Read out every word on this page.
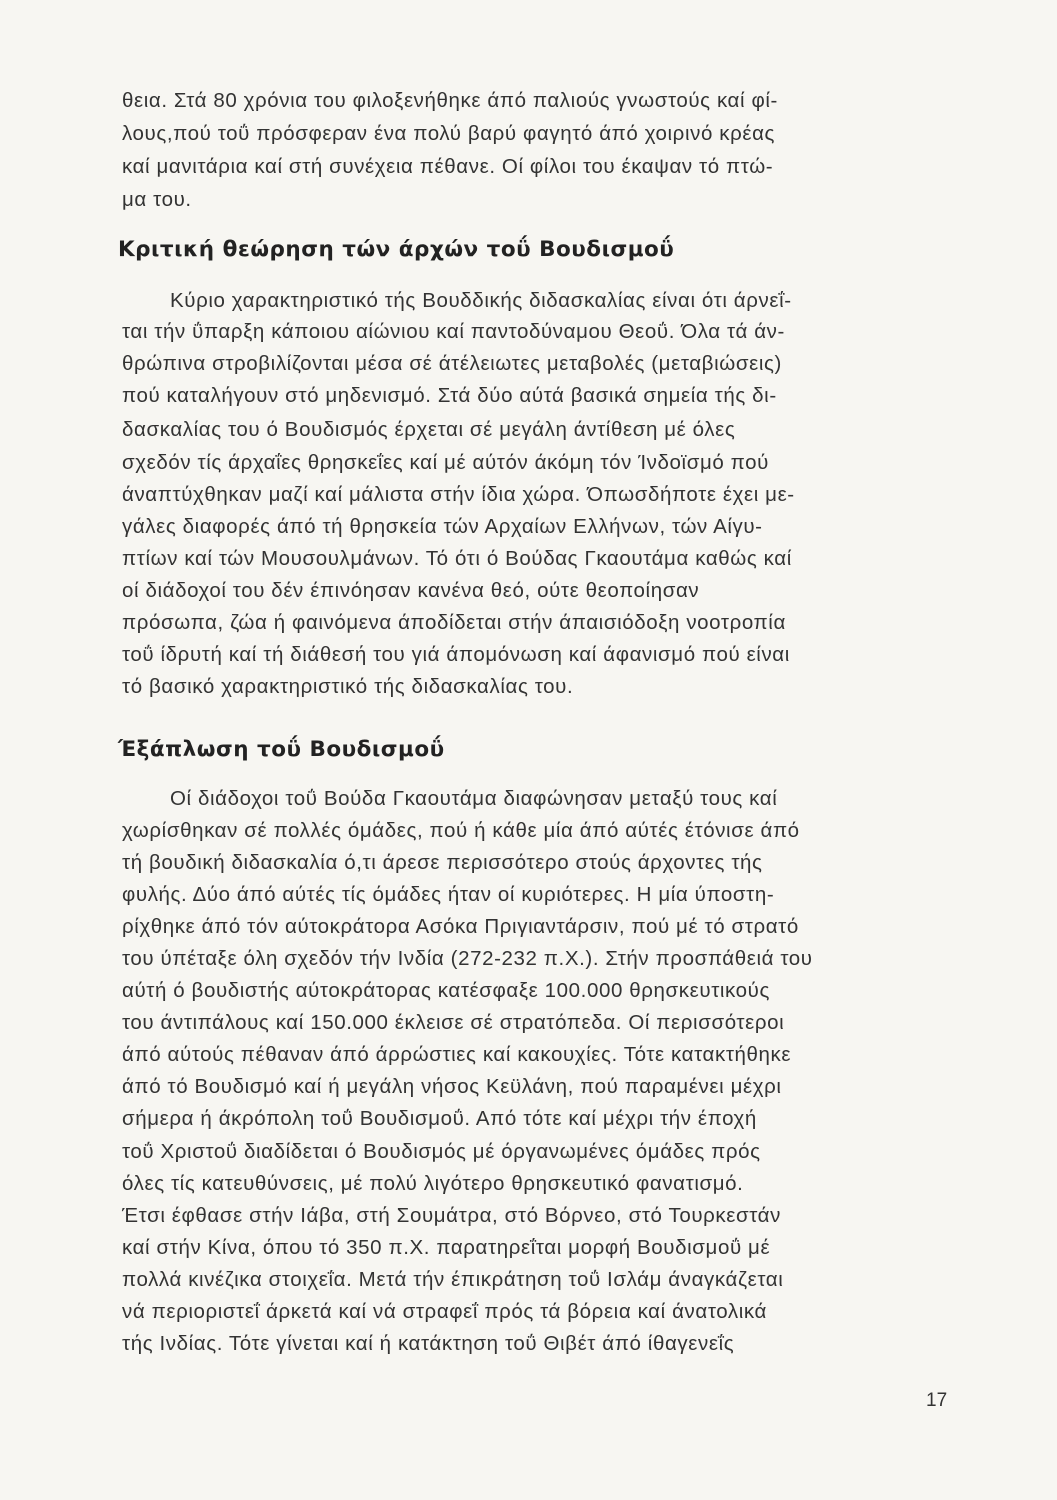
θεια. Στά 80 χρόνια του φιλοξενήθηκε άπό παλιούς γνωστούς καί φί-
λους,πού τοΰ πρόσφεραν ένα πολύ βαρύ φαγητό άπό χοιρινό κρέας
καί μανιτάρια καί στή συνέχεια πέθανε. Οί φίλοι του έκαψαν τό πτώ-
μα του.
Κριτική θεώρηση τών άρχών τοΰ Βουδισμοΰ
Κύριο χαρακτηριστικό τής Βουδδικής διδασκαλίας είναι ότι άρνεΐ-
ται τήν ΰπαρξη κάποιου αίώνιου καί παντοδύναμου Θεοΰ. Όλα τά άν-
θρώπινα στροβιλίζονται μέσα σέ άτέλειωτες μεταβολές (μεταβιώσεις)
πού καταλήγουν στό μηδενισμό. Στά δύο αύτά βασικά σημεία τής δι-
δασκαλίας του ό Βουδισμός έρχεται σέ μεγάλη άντίθεση μέ όλες
σχεδόν τίς άρχαΐες θρησκεΐες καί μέ αύτόν άκόμη τόν Ίνδοϊσμό πού
άναπτύχθηκαν μαζί καί μάλιστα στήν ίδια χώρα. Όπωσδήποτε έχει με-
γάλες διαφορές άπό τή θρησκεία τών Αρχαίων Ελλήνων, τών Αίγυ-
πτίων καί τών Μουσουλμάνων. Τό ότι ό Βούδας Γκαουτάμα καθώς καί
οί διάδοχοί του δέν έπινόησαν κανένα θεό, ούτε θεοποίησαν
πρόσωπα, ζώα ή φαινόμενα άποδίδεται στήν άπαισιόδοξη νοοτροπία
τοΰ ίδρυτή καί τή διάθεσή του γιά άπομόνωση καί άφανισμό πού είναι
τό βασικό χαρακτηριστικό τής διδασκαλίας του.
Έξάπλωση τοΰ Βουδισμοΰ
Οί διάδοχοι τοΰ Βούδα Γκαουτάμα διαφώνησαν μεταξύ τους καί
χωρίσθηκαν σέ πολλές όμάδες, πού ή κάθε μία άπό αύτές έτόνισε άπό
τή βουδική διδασκαλία ό,τι άρεσε περισσότερο στούς άρχοντες τής
φυλής. Δύο άπό αύτές τίς όμάδες ήταν οί κυριότερες. Η μία ύποστη-
ρίχθηκε άπό τόν αύτοκράτορα Ασόκα Πριγιαντάρσιν, πού μέ τό στρατό
του ύπέταξε όλη σχεδόν τήν Ινδία (272-232 π.Χ.). Στήν προσπάθειά του
αύτή ό βουδιστής αύτοκράτορας κατέσφαξε 100.000 θρησκευτικούς
του άντιπάλους καί 150.000 έκλεισε σέ στρατόπεδα. Οί περισσότεροι
άπό αύτούς πέθαναν άπό άρρώστιες καί κακουχίες. Τότε κατακτήθηκε
άπό τό Βουδισμό καί ή μεγάλη νήσος Κεϋλάνη, πού παραμένει μέχρι
σήμερα ή άκρόπολη τοΰ Βουδισμοΰ. Από τότε καί μέχρι τήν έποχή
τοΰ Χριστοΰ διαδίδεται ό Βουδισμός μέ όργανωμένες όμάδες πρός
όλες τίς κατευθύνσεις, μέ πολύ λιγότερο θρησκευτικό φανατισμό.
Έτσι έφθασε στήν Ιάβα, στή Σουμάτρα, στό Βόρνεο, στό Τουρκεστάν
καί στήν Κίνα, όπου τό 350 π.Χ. παρατηρεΐται μορφή Βουδισμοΰ μέ
πολλά κινέζικα στοιχεΐα. Μετά τήν έπικράτηση τοΰ Ισλάμ άναγκάζεται
νά περιοριστεΐ άρκετά καί νά στραφεΐ πρός τά βόρεια καί άνατολικά
τής Ινδίας. Τότε γίνεται καί ή κατάκτηση τοΰ Θιβέτ άπό ίθαγενεΐς
17
